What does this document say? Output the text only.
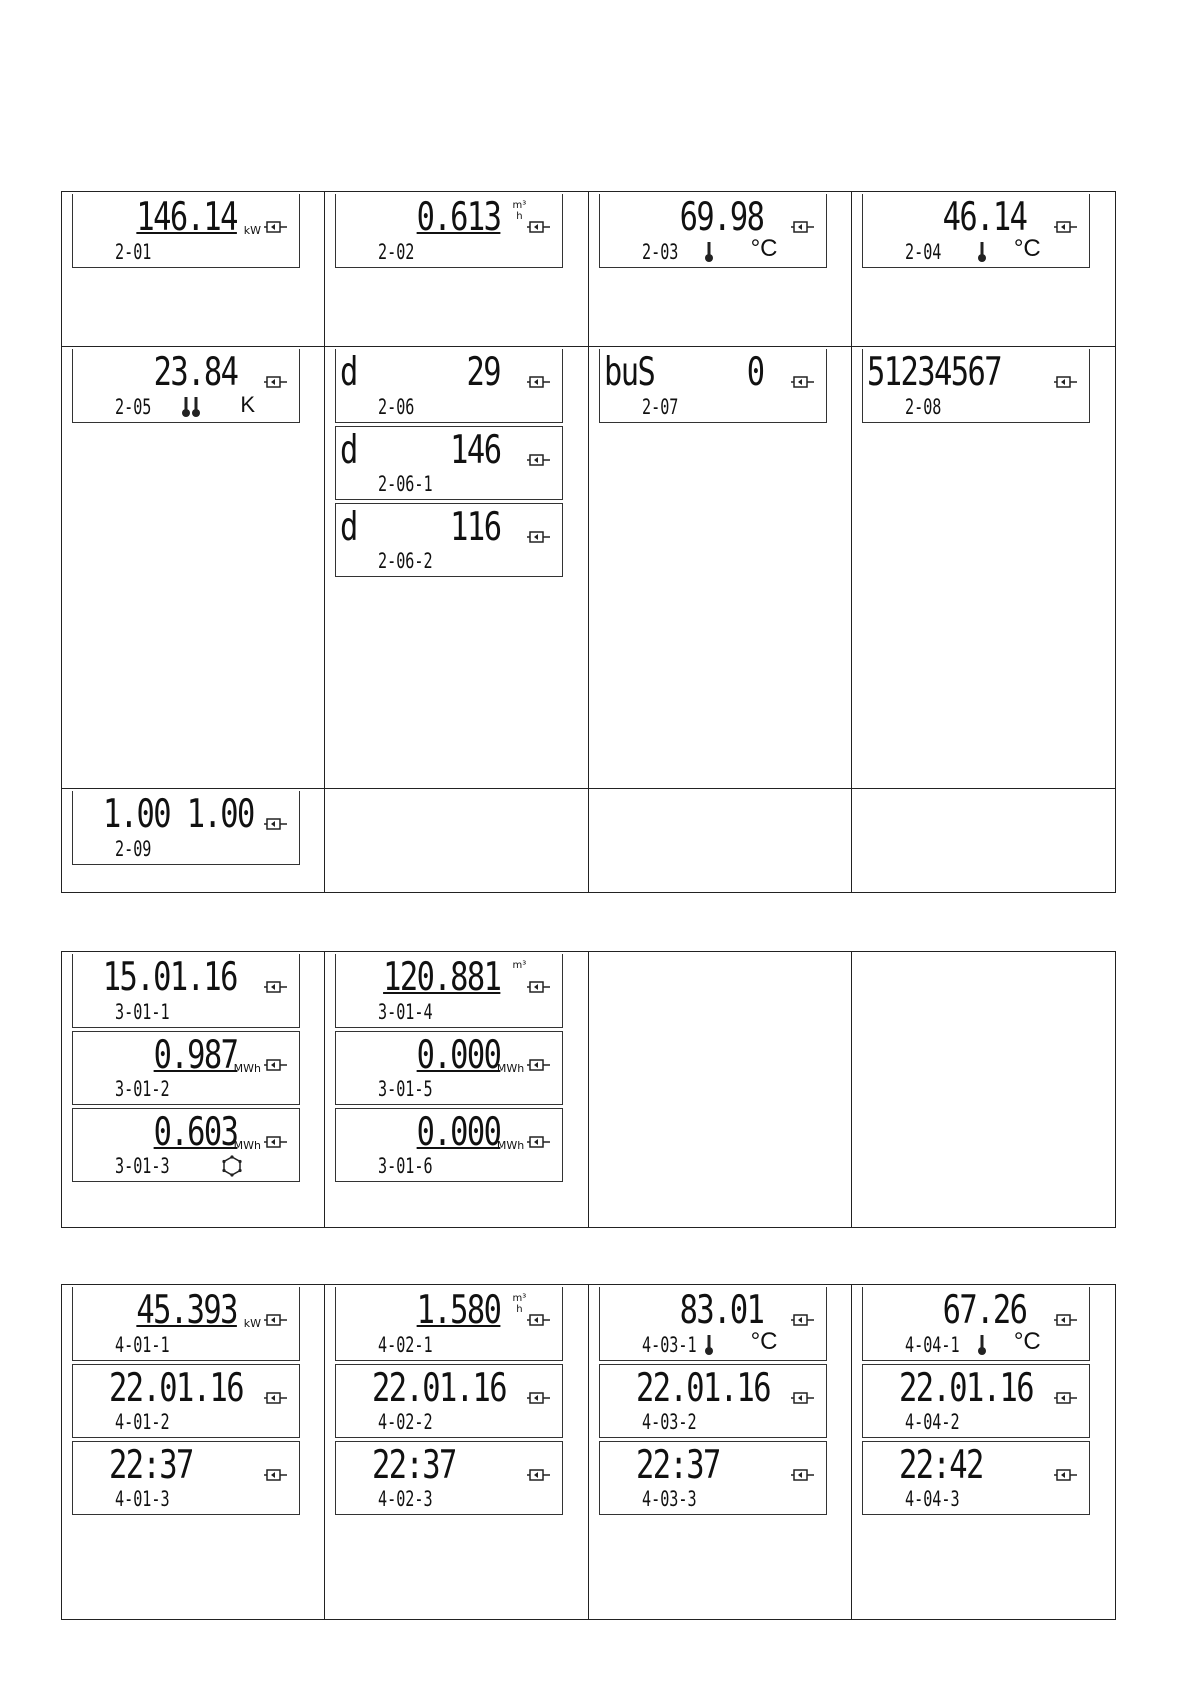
146.14 kW
2-01
0.613 m³
h
2-02
69.98
2-03	°C
46.14
2-04	°C
23.84
2-05	K
d	29
2-06
d 146
2-06-1
d 116
2-06-2
buS 0
2-07
51234567
2-08
1.00 1.00
2-09
15.01.16
3-01-1
0.987
MWh
3-01-2
0.603
MWh
3-01-3
120.881 m³
3-01-4
0.000
MWh
3-01-5
0.000
MWh
3-01-6
45.393 kW
4-01-1
22.01.16
4-01-2
22:37
4-01-3
1.580 m³
h
4-02-1
22.01.16
4-02-2
22:37
4-02-3
83.01
4-03-1 °C
22.01.16
4-03-2
22:37
4-03-3
67.26
4-04-1 °C
22.01.16
4-04-2
22:42
4-04-3
